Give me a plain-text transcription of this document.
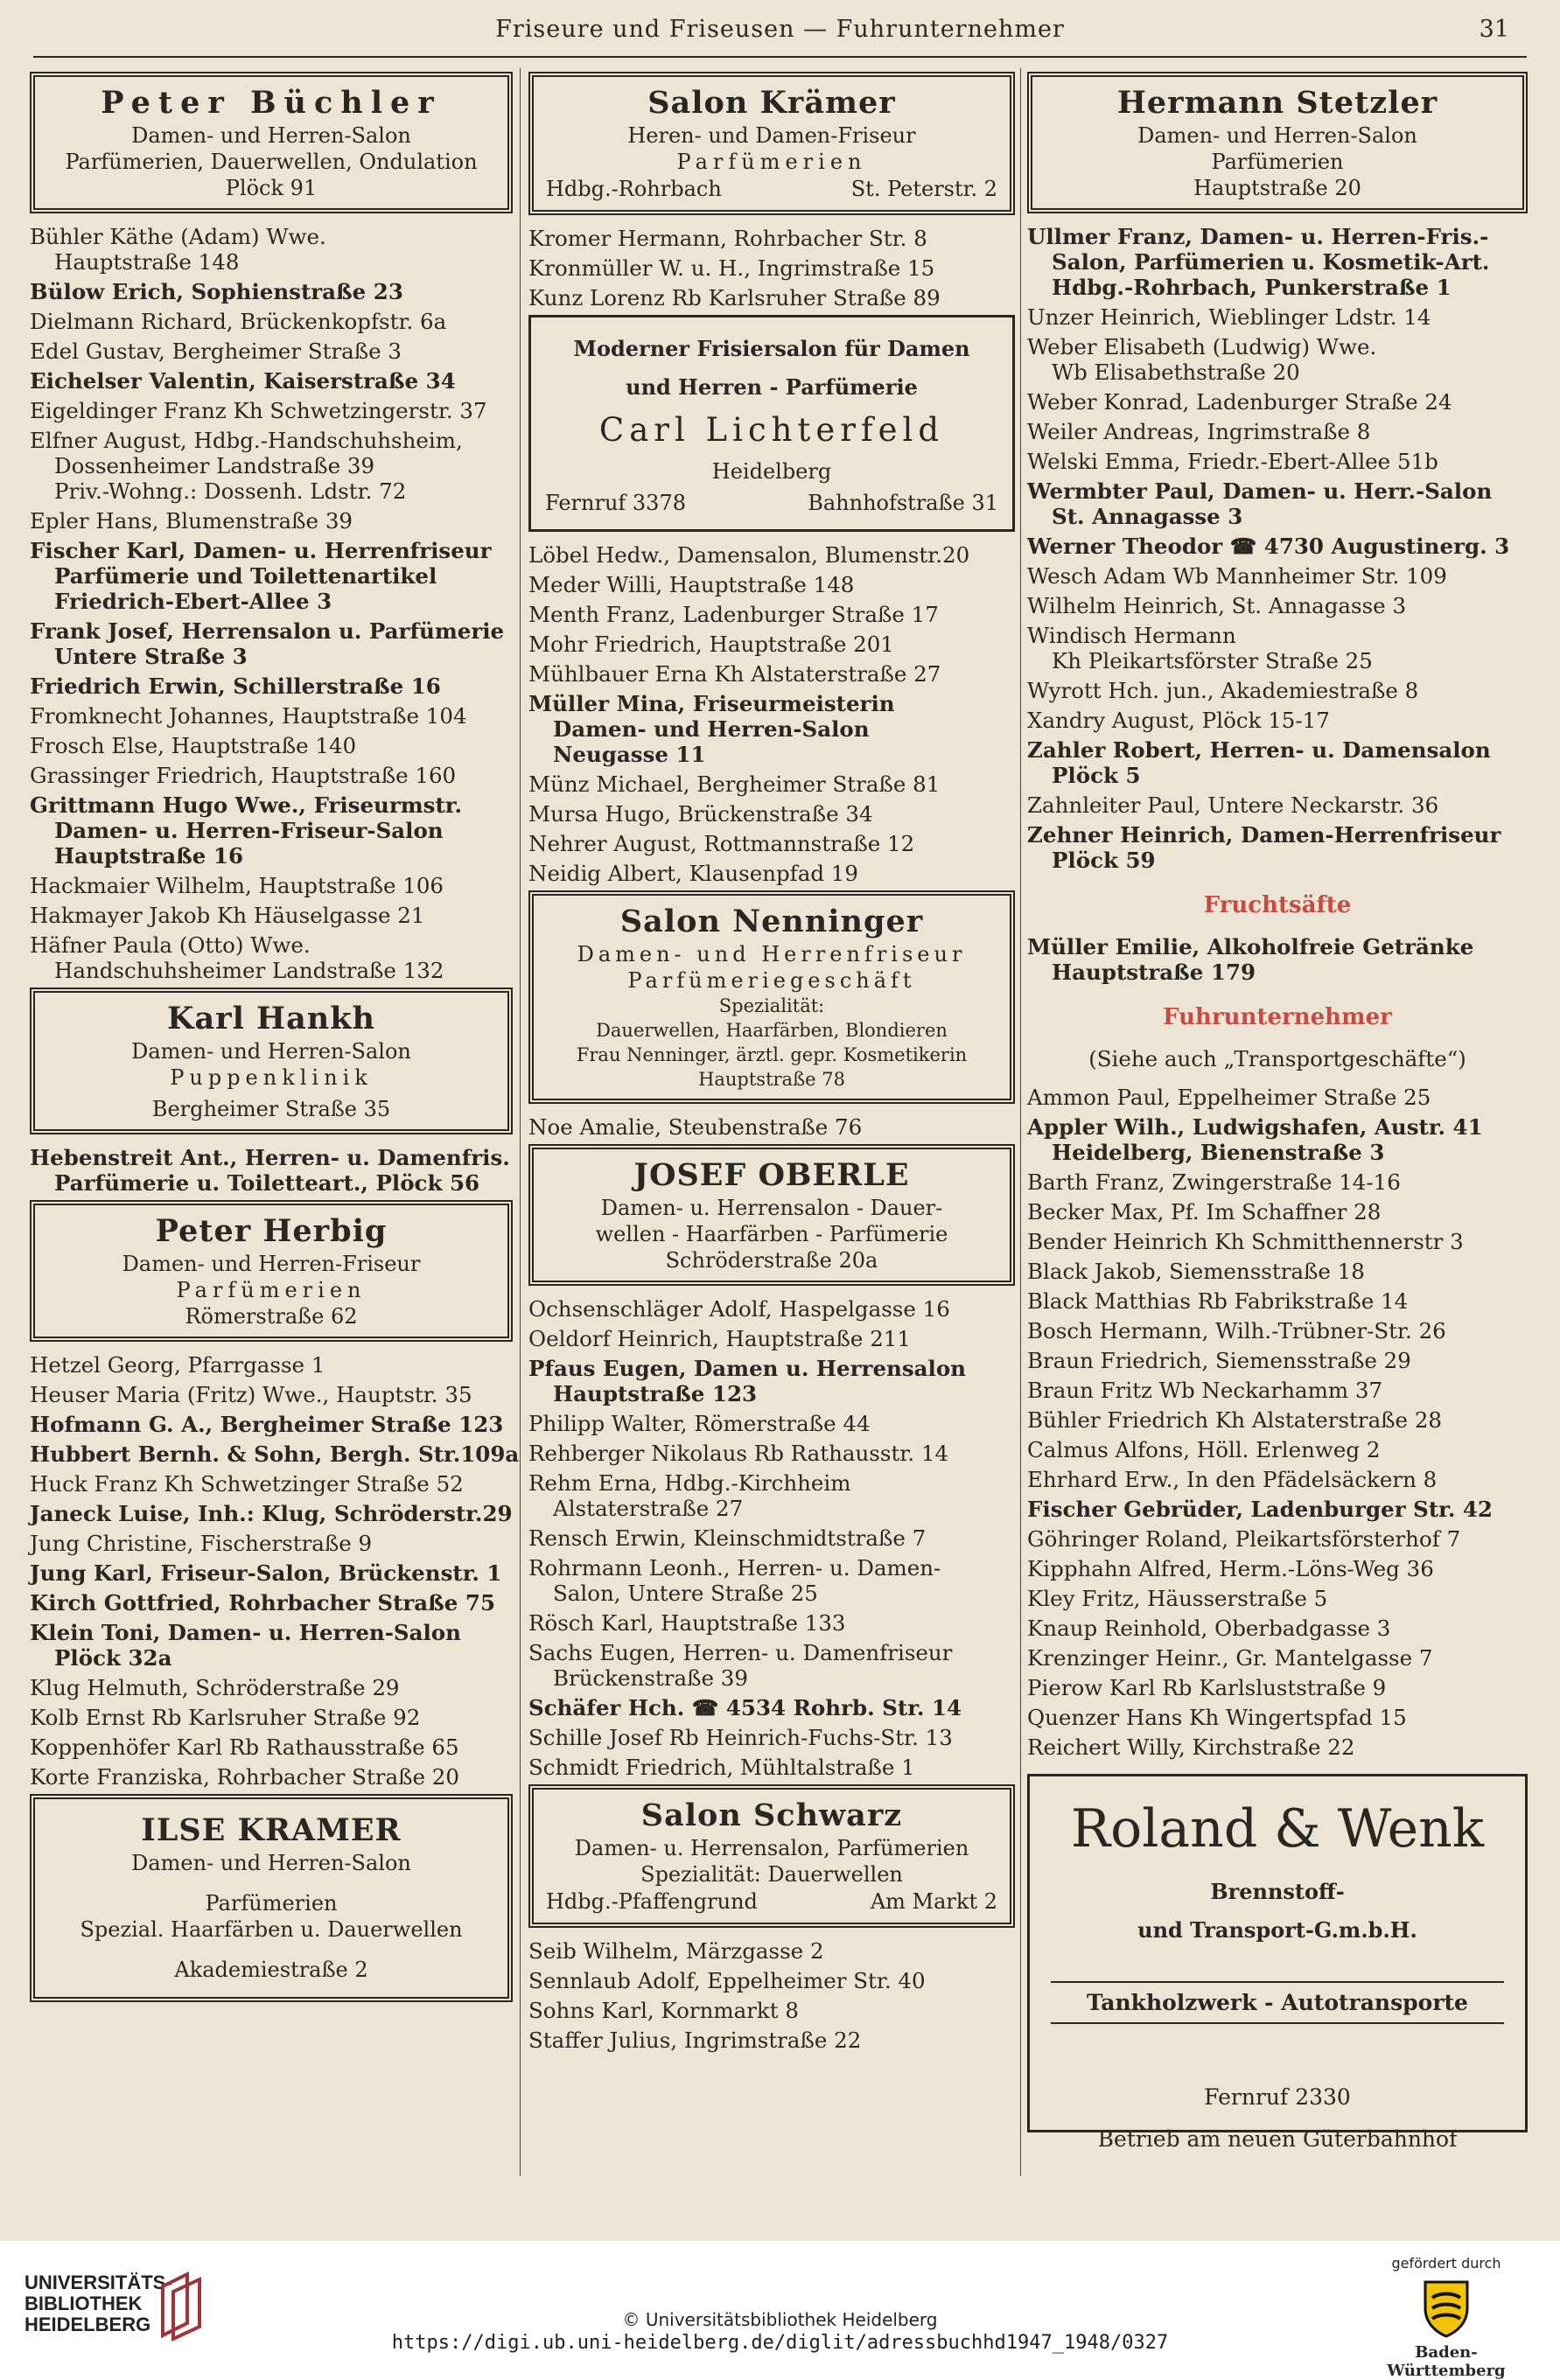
Friseure und Friseusen — Fuhrunternehmer	31
Peter Büchler
Damen- und Herren-Salon
Parfümerien, Dauerwellen, Ondulation
Plöck 91
Bühler Käthe (Adam) Wwe.
Hauptstraße 148
Bülow Erich, Sophienstraße 23
Dielmann Richard, Brückenkopfstr. 6a
Edel Gustav, Bergheimer Straße 3
Eichelser Valentin, Kaiserstraße 34
Eigeldinger Franz Kh Schwetzingerstr. 37
Elfner August, Hdbg.-Handschuhsheim,
Dossenheimer Landstraße 39
Priv.-Wohng.: Dossenh. Ldstr. 72
Epler Hans, Blumenstraße 39
Fischer Karl, Damen- u. Herrenfriseur
Parfümerie und Toilettenartikel
Friedrich-Ebert-Allee 3
Frank Josef, Herrensalon u. Parfümerie
Untere Straße 3
Friedrich Erwin, Schillerstraße 16
Fromknecht Johannes, Hauptstraße 104
Frosch Else, Hauptstraße 140
Grassinger Friedrich, Hauptstraße 160
Grittmann Hugo Wwe., Friseurmstr.
Damen- u. Herren-Friseur-Salon
Hauptstraße 16
Hackmaier Wilhelm, Hauptstraße 106
Hakmayer Jakob Kh Häuselgasse 21
Häfner Paula (Otto) Wwe.
Handschuhsheimer Landstraße 132
Karl Hankh
Damen- und Herren-Salon
Puppenklinik
Bergheimer Straße 35
Hebenstreit Ant., Herren- u. Damenfris.
Parfümerie u. Toiletteart., Plöck 56
Peter Herbig
Damen- und Herren-Friseur
Parfümerien
Römerstraße 62
Hetzel Georg, Pfarrgasse 1
Heuser Maria (Fritz) Wwe., Hauptstr. 35
Hofmann G. A., Bergheimer Straße 123
Hubbert Bernh. & Sohn, Bergh. Str.109a
Huck Franz Kh Schwetzinger Straße 52
Janeck Luise, Inh.: Klug, Schröderstr.29
Jung Christine, Fischerstraße 9
Jung Karl, Friseur-Salon, Brückenstr. 1
Kirch Gottfried, Rohrbacher Straße 75
Klein Toni, Damen- u. Herren-Salon
Plöck 32a
Klug Helmuth, Schröderstraße 29
Kolb Ernst Rb Karlsruher Straße 92
Koppenhöfer Karl Rb Rathausstraße 65
Korte Franziska, Rohrbacher Straße 20
ILSE KRAMER
Damen- und Herren-Salon
Parfümerien
Spezial. Haarfärben u. Dauerwellen
Akademiestraße 2
Salon Krämer
Heren- und Damen-Friseur
Parfümerien
Hdbg.-Rohrbach	St. Peterstr. 2
Kromer Hermann, Rohrbacher Str. 8
Kronmüller W. u. H., Ingrimstraße 15
Kunz Lorenz Rb Karlsruher Straße 89
Moderner Frisiersalon für Damen
und Herren - Parfümerie
Carl Lichterfeld
Heidelberg
Fernruf 3378	Bahnhofstraße 31
Löbel Hedw., Damensalon, Blumenstr.20
Meder Willi, Hauptstraße 148
Menth Franz, Ladenburger Straße 17
Mohr Friedrich, Hauptstraße 201
Mühlbauer Erna Kh Alstaterstraße 27
Müller Mina, Friseurmeisterin
Damen- und Herren-Salon
Neugasse 11
Münz Michael, Bergheimer Straße 81
Mursa Hugo, Brückenstraße 34
Nehrer August, Rottmannstraße 12
Neidig Albert, Klausenpfad 19
Salon Nenninger
Damen- und Herrenfriseur
Parfümeriegeschäft
Spezialität:
Dauerwellen, Haarfärben, Blondieren
Frau Nenninger, ärztl. gepr. Kosmetikerin
Hauptstraße 78
Noe Amalie, Steubenstraße 76
JOSEF OBERLE
Damen- u. Herrensalon - Dauer-
wellen - Haarfärben - Parfümerie
Schröderstraße 20a
Ochsenschläger Adolf, Haspelgasse 16
Oeldorf Heinrich, Hauptstraße 211
Pfaus Eugen, Damen u. Herrensalon
Hauptstraße 123
Philipp Walter, Römerstraße 44
Rehberger Nikolaus Rb Rathausstr. 14
Rehm Erna, Hdbg.-Kirchheim
Alstaterstraße 27
Rensch Erwin, Kleinschmidtstraße 7
Rohrmann Leonh., Herren- u. Damen-
Salon, Untere Straße 25
Rösch Karl, Hauptstraße 133
Sachs Eugen, Herren- u. Damenfriseur
Brückenstraße 39
Schäfer Hch. ☎ 4534 Rohrb. Str. 14
Schille Josef Rb Heinrich-Fuchs-Str. 13
Schmidt Friedrich, Mühltalstraße 1
Salon Schwarz
Damen- u. Herrensalon, Parfümerien
Spezialität: Dauerwellen
Hdbg.-Pfaffengrund	Am Markt 2
Seib Wilhelm, Märzgasse 2
Sennlaub Adolf, Eppelheimer Str. 40
Sohns Karl, Kornmarkt 8
Staffer Julius, Ingrimstraße 22
Hermann Stetzler
Damen- und Herren-Salon
Parfümerien
Hauptstraße 20
Ullmer Franz, Damen- u. Herren-Fris.-
Salon, Parfümerien u. Kosmetik-Art.
Hdbg.-Rohrbach, Punkerstraße 1
Unzer Heinrich, Wieblinger Ldstr. 14
Weber Elisabeth (Ludwig) Wwe.
Wb Elisabethstraße 20
Weber Konrad, Ladenburger Straße 24
Weiler Andreas, Ingrimstraße 8
Welski Emma, Friedr.-Ebert-Allee 51b
Wermbter Paul, Damen- u. Herr.-Salon
St. Annagasse 3
Werner Theodor ☎ 4730 Augustinerg. 3
Wesch Adam Wb Mannheimer Str. 109
Wilhelm Heinrich, St. Annagasse 3
Windisch Hermann
Kh Pleikartsförster Straße 25
Wyrott Hch. jun., Akademiestraße 8
Xandry August, Plöck 15-17
Zahler Robert, Herren- u. Damensalon
Plöck 5
Zahnleiter Paul, Untere Neckarstr. 36
Zehner Heinrich, Damen-Herrenfriseur
Plöck 59
Fruchtsäfte
Müller Emilie, Alkoholfreie Getränke
Hauptstraße 179
Fuhrunternehmer
(Siehe auch „Transportgeschäfte“)
Ammon Paul, Eppelheimer Straße 25
Appler Wilh., Ludwigshafen, Austr. 41
Heidelberg, Bienenstraße 3
Barth Franz, Zwingerstraße 14-16
Becker Max, Pf. Im Schaffner 28
Bender Heinrich Kh Schmitthennerstr 3
Black Jakob, Siemensstraße 18
Black Matthias Rb Fabrikstraße 14
Bosch Hermann, Wilh.-Trübner-Str. 26
Braun Friedrich, Siemensstraße 29
Braun Fritz Wb Neckarhamm 37
Bühler Friedrich Kh Alstaterstraße 28
Calmus Alfons, Höll. Erlenweg 2
Ehrhard Erw., In den Pfädelsäckern 8
Fischer Gebrüder, Ladenburger Str. 42
Göhringer Roland, Pleikartsförsterhof 7
Kipphahn Alfred, Herm.-Löns-Weg 36
Kley Fritz, Häusserstraße 5
Knaup Reinhold, Oberbadgasse 3
Krenzinger Heinr., Gr. Mantelgasse 7
Pierow Karl Rb Karlsluststraße 9
Quenzer Hans Kh Wingertspfad 15
Reichert Willy, Kirchstraße 22
Roland & Wenk
Brennstoff-
und Transport-G.m.b.H.
Tankholzwerk - Autotransporte
Fernruf 2330
Betrieb am neuen Güterbahnhof
UNIVERSITÄTS-
BIBLIOTHEK
HEIDELBERG	© Universitätsbibliothek Heidelberg
https://digi.ub.uni-heidelberg.de/diglit/adressbuchhd1947_1948/0327
gefördert durch
Baden-Württemberg
